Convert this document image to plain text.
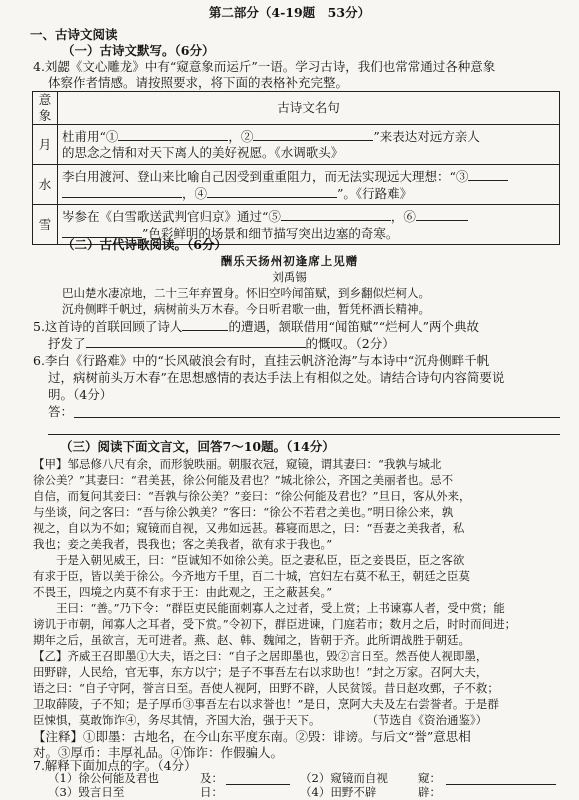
第二部分（4-19题　53分）
一、古诗文阅读
（一）古诗文默写。（6分）
4.刘勰《文心雕龙》中有“窥意象而运斤”一语。学习古诗，我们也常常通过各种意象
体察作者情感。请按照要求，将下面的表格补充完整。
意象	古诗文名句
月	杜甫用“① ，② ”来表达对远方亲人
的思念之情和对天下离人的美好祝愿。《水调歌头》

水	李白用渡河、登山来比喻自己因受到重重阻力，而无法实现远大理想：“③
，④ ”。《行路难》

雪	岑参在《白雪歌送武判官归京》通过“⑤ ，⑥
”色彩鲜明的场景和细节描写突出边塞的奇寒。
（二）古代诗歌阅读。（6分）
酬乐天扬州初逢席上见赠
刘禹锡
巴山楚水凄凉地，二十三年弃置身。怀旧空吟闻笛赋，到乡翻似烂柯人。
沉舟侧畔千帆过，病树前头万木春。今日听君歌一曲，暂凭杯酒长精神。
5.这首诗的首联回顾了诗人	的遭遇，颔联借用“闻笛赋”“烂柯人”两个典故
抒发了	的慨叹。（2分）
6.李白《行路难》中的“长风破浪会有时，直挂云帆济沧海”与本诗中“沉舟侧畔千帆
过，病树前头万木春”在思想感情的表达手法上有相似之处。请结合诗句内容简要说
明。（4分）
答：
（三）阅读下面文言文，回答7～10题。（14分）
【甲】邹忌修八尺有余，而形貌昳丽。朝服衣冠，窥镜，谓其妻曰：“我孰与城北
徐公美？”其妻曰：“君美甚，徐公何能及君也？”城北徐公，齐国之美丽者也。忌不
自信，而复问其妾曰：“吾孰与徐公美？”妾曰：“徐公何能及君也？”旦日，客从外来，
与坐谈，问之客曰：“吾与徐公孰美？”客曰：“徐公不若君之美也。”明日徐公来，孰
视之，自以为不如；窥镜而自视，又弗如远甚。暮寝而思之，曰：“吾妻之美我者，私
我也；妾之美我者，畏我也；客之美我者，欲有求于我也。”
　　于是入朝见威王，曰：“臣诚知不如徐公美。臣之妻私臣，臣之妾畏臣，臣之客欲
有求于臣，皆以美于徐公。今齐地方千里，百二十城，宫妇左右莫不私王，朝廷之臣莫
不畏王，四境之内莫不有求于王：由此观之，王之蔽甚矣。”
　　王曰：“善。”乃下令：“群臣吏民能面刺寡人之过者，受上赏；上书谏寡人者，受中赏；能
谤讥于市朝，闻寡人之耳者，受下赏。”令初下，群臣进谏，门庭若市；数月之后，时时而间进；
期年之后，虽欲言，无可进者。燕、赵、韩、魏闻之，皆朝于齐。此所谓战胜于朝廷。
【乙】齐威王召即墨①大夫，语之曰：“自子之居即墨也，毁②言日至。然吾使人视即墨，
田野辟，人民给，官无事，东方以宁；是子不事吾左右以求助也！”封之万家。召阿大夫，
语之曰：“自子守阿，誉言日至。吾使人视阿，田野不辟，人民贫馁。昔日赵攻鄄，子不救；
卫取薛陵，子不知；是子厚币③事吾左右以求誉也！”是日，烹阿大夫及左右尝誉者。于是群
臣悚惧，莫敢饰诈④，务尽其情，齐国大治，强于天下。　　　　　（节选自《资治通鉴》）
【注释】①即墨：古地名，在今山东平度东南。②毁：诽谤。与后文“誉”意思相
对。③厚币：丰厚礼品。④饰诈：作假骗人。
7.解释下面加点的字。（4分）
（1）徐公何能及君也	及：	（2）窥镜而自视	窥：
（3）毁言日至	日：	（4）田野不辟	辟：
